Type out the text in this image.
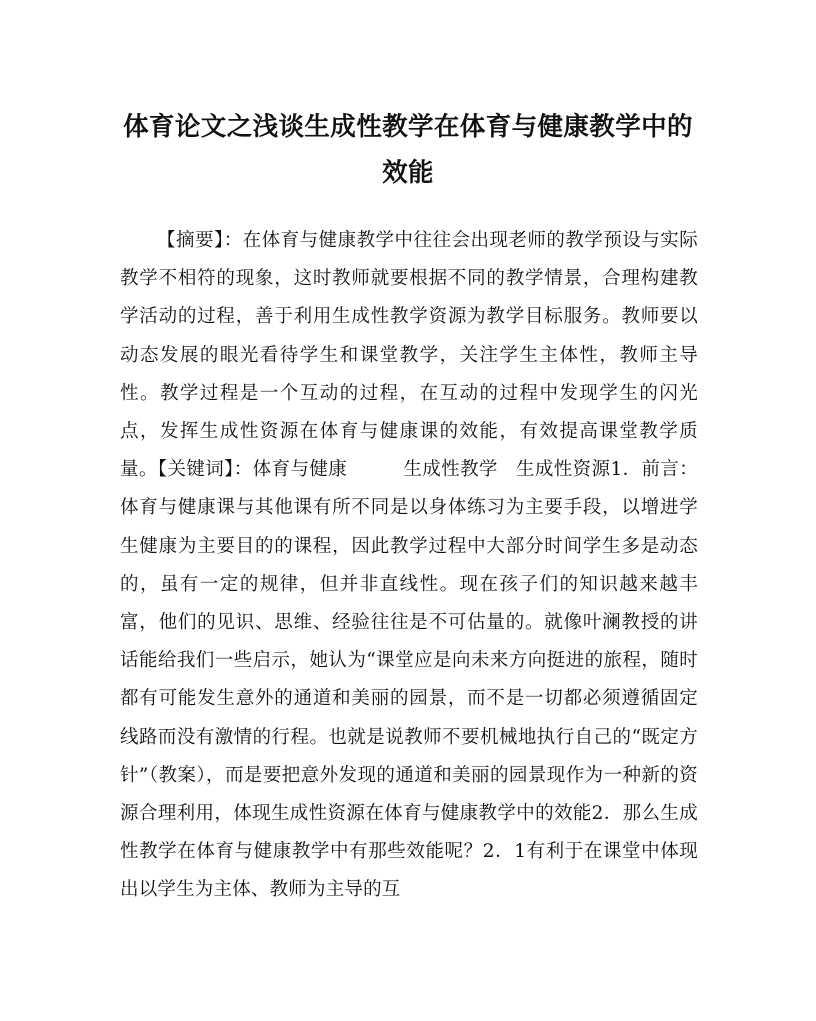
体育论文之浅谈生成性教学在体育与健康教学中的效能

【摘要】：在体育与健康教学中往往会出现老师的教学预设与实际教学不相符的现象，这时教师就要根据不同的教学情景，合理构建教学活动的过程，善于利用生成性教学资源为教学目标服务。教师要以动态发展的眼光看待学生和课堂教学，关注学生主体性，教师主导性。教学过程是一个互动的过程，在互动的过程中发现学生的闪光点，发挥生成性资源在体育与健康课的效能，有效提高课堂教学质量。【关键词】：体育与健康	生成性教学 生成性资源1．前言：体育与健康课与其他课有所不同是以身体练习为主要手段，以增进学生健康为主要目的的课程，因此教学过程中大部分时间学生多是动态的，虽有一定的规律，但并非直线性。现在孩子们的知识越来越丰富，他们的见识、思维、经验往往是不可估量的。就像叶澜教授的讲话能给我们一些启示，她认为“课堂应是向未来方向挺进的旅程，随时都有可能发生意外的通道和美丽的园景，而不是一切都必须遵循固定线路而没有激情的行程。也就是说教师不要机械地执行自己的“既定方针”（教案），而是要把意外发现的通道和美丽的园景现作为一种新的资源合理利用，体现生成性资源在体育与健康教学中的效能2．那么生成性教学在体育与健康教学中有那些效能呢？2．1有利于在课堂中体现出以学生为主体、教师为主导的互
